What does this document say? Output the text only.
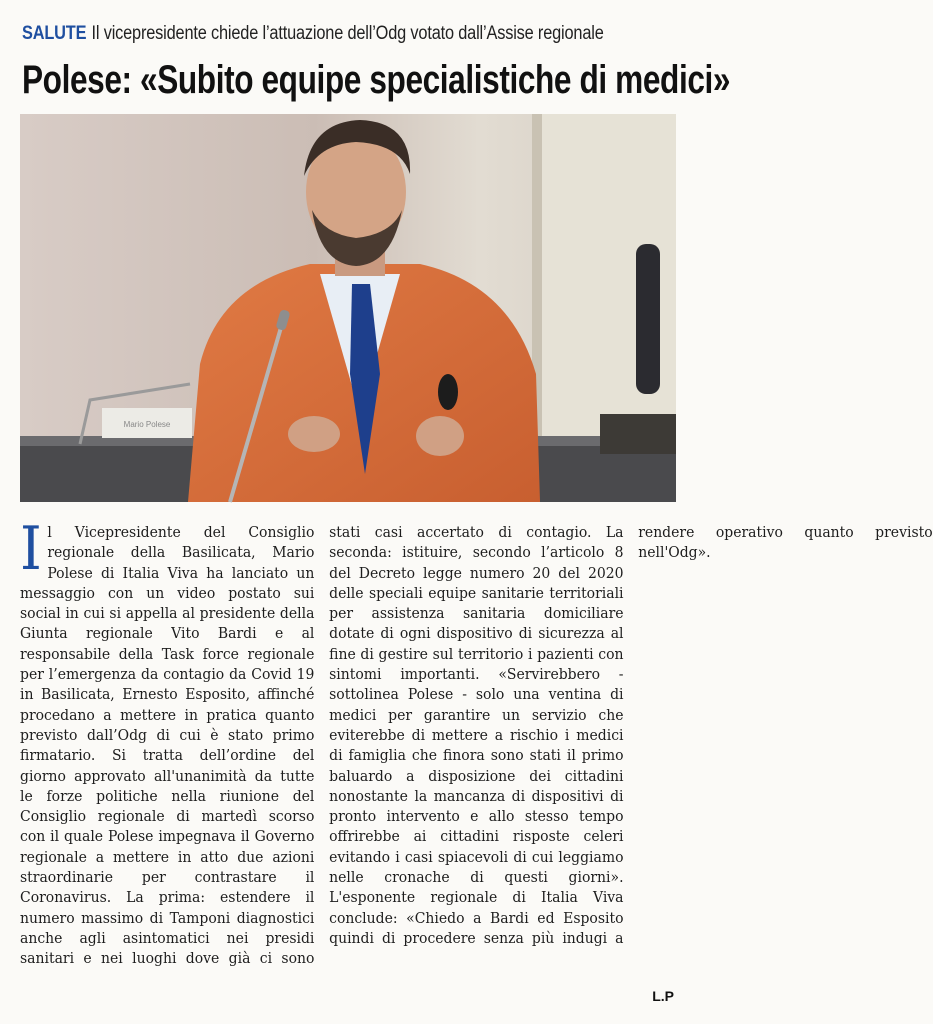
SALUTE Il vicepresidente chiede l’attuazione dell’Odg votato dall’Assise regionale
Polese: «Subito equipe specialistiche di medici»
Mario Polese

Il Vicepresidente del Consiglio regionale della Basilicata, Mario Polese di Italia Viva ha lanciato un messaggio con un video postato sui social in cui si appella al presidente della Giunta regionale Vito Bardi e al responsabile della Task force regionale per l’emergenza da contagio da Covid 19 in Basilicata, Ernesto Esposito, affinché procedano a mettere in pratica quanto previsto dall’Odg di cui è stato primo firmatario. Si tratta dell’ordine del giorno approvato all'unanimità da tutte le forze politiche nella riunione del Consiglio regionale di martedì scorso con il quale Polese impegnava il Governo regionale a mettere in atto due azioni straordinarie per contrastare il Coronavirus. La prima: estendere il numero massimo di Tamponi diagnostici anche agli asintomatici nei presidi sanitari e nei luoghi dove già ci sono stati casi accertato di contagio. La seconda: istituire, secondo l’articolo 8 del Decreto legge numero 20 del 2020 delle speciali equipe sanitarie territoriali per assistenza sanitaria domiciliare dotate di ogni dispositivo di sicurezza al fine di gestire sul territorio i pazienti con sintomi importanti. «Servirebbero - sottolinea Polese - solo una ventina di medici per garantire un servizio che eviterebbe di mettere a rischio i medici di famiglia che finora sono stati il primo baluardo a disposizione dei cittadini nonostante la mancanza di dispositivi di pronto intervento e allo stesso tempo offrirebbe ai cittadini risposte celeri evitando i casi spiacevoli di cui leggiamo nelle cronache di questi giorni». L'esponente regionale di Italia Viva conclude: «Chiedo a Bardi ed Esposito quindi di procedere senza più indugi a rendere operativo quanto previsto nell'Odg».

L.P
